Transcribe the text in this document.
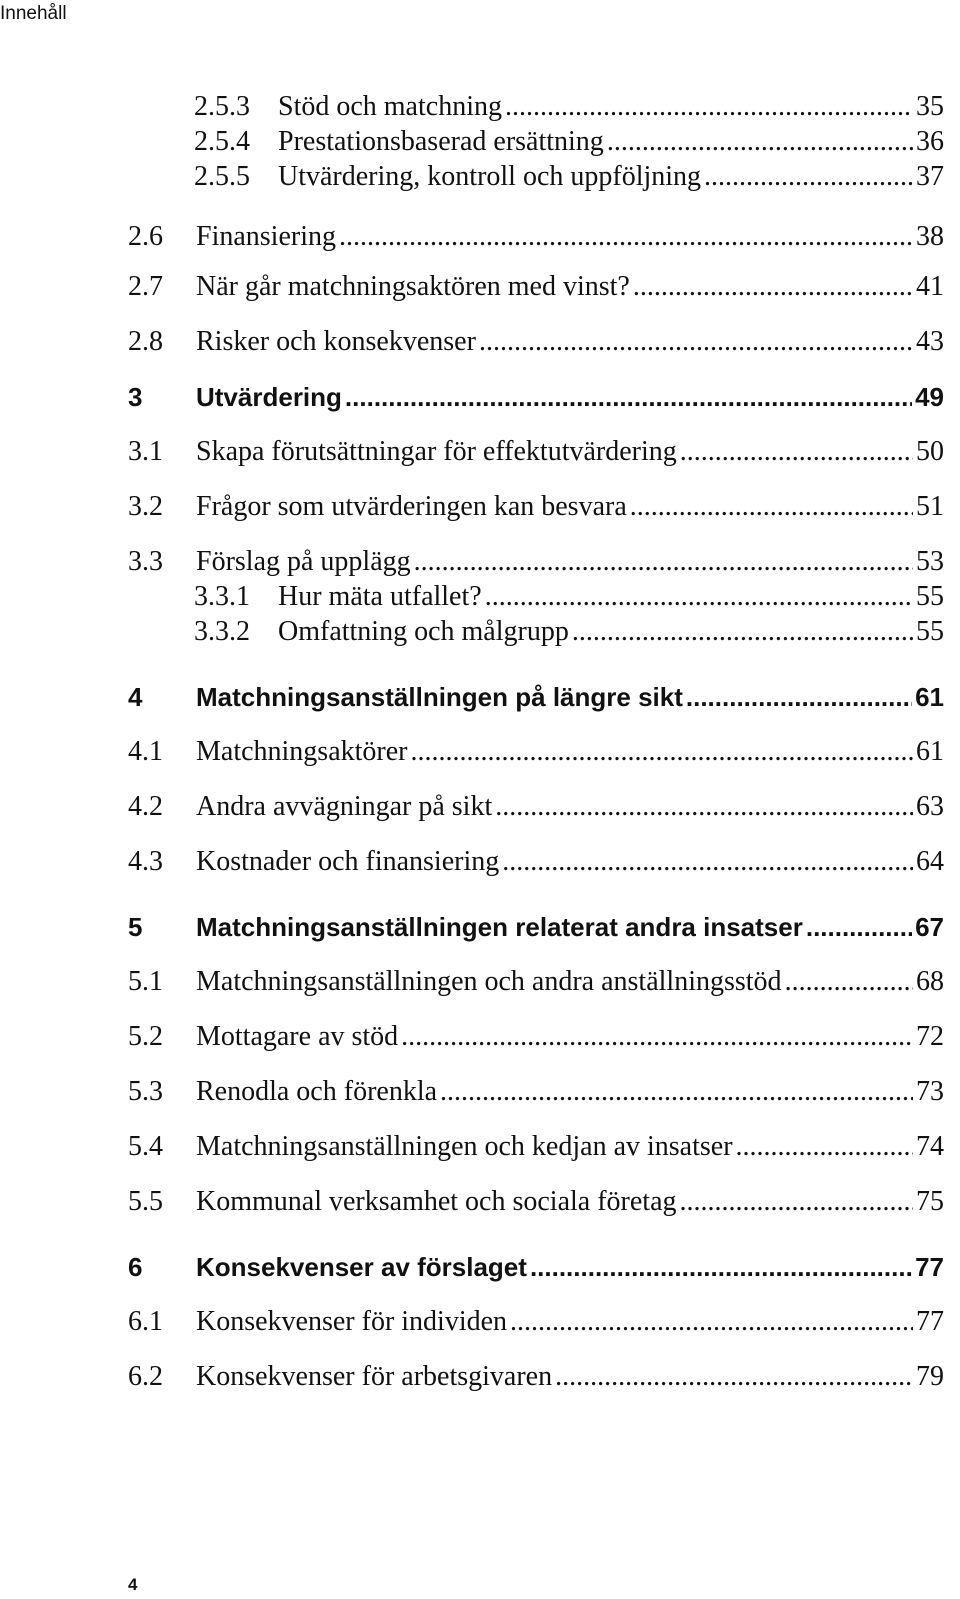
Innehåll
2.5.3	Stöd och matchning .....	35
2.5.4	Prestationsbaserad ersättning .....	36
2.5.5	Utvärdering, kontroll och uppföljning .....	37
2.6	Finansiering .....	38
2.7	När går matchningsaktören med vinst? .....	41
2.8	Risker och konsekvenser .....	43
3	Utvärdering .....	49
3.1	Skapa förutsättningar för effektutvärdering .....	50
3.2	Frågor som utvärderingen kan besvara .....	51
3.3	Förslag på upplägg .....	53
3.3.1	Hur mäta utfallet? .....	55
3.3.2	Omfattning och målgrupp .....	55
4	Matchningsanställningen på längre sikt .....	61
4.1	Matchningsaktörer .....	61
4.2	Andra avvägningar på sikt .....	63
4.3	Kostnader och finansiering .....	64
5	Matchningsanställningen relaterat andra insatser .....	67
5.1	Matchningsanställningen och andra anställningsstöd .....	68
5.2	Mottagare av stöd .....	72
5.3	Renodla och förenkla .....	73
5.4	Matchningsanställningen och kedjan av insatser .....	74
5.5	Kommunal verksamhet och sociala företag .....	75
6	Konsekvenser av förslaget .....	77
6.1	Konsekvenser för individen .....	77
6.2	Konsekvenser för arbetsgivaren .....	79
4
